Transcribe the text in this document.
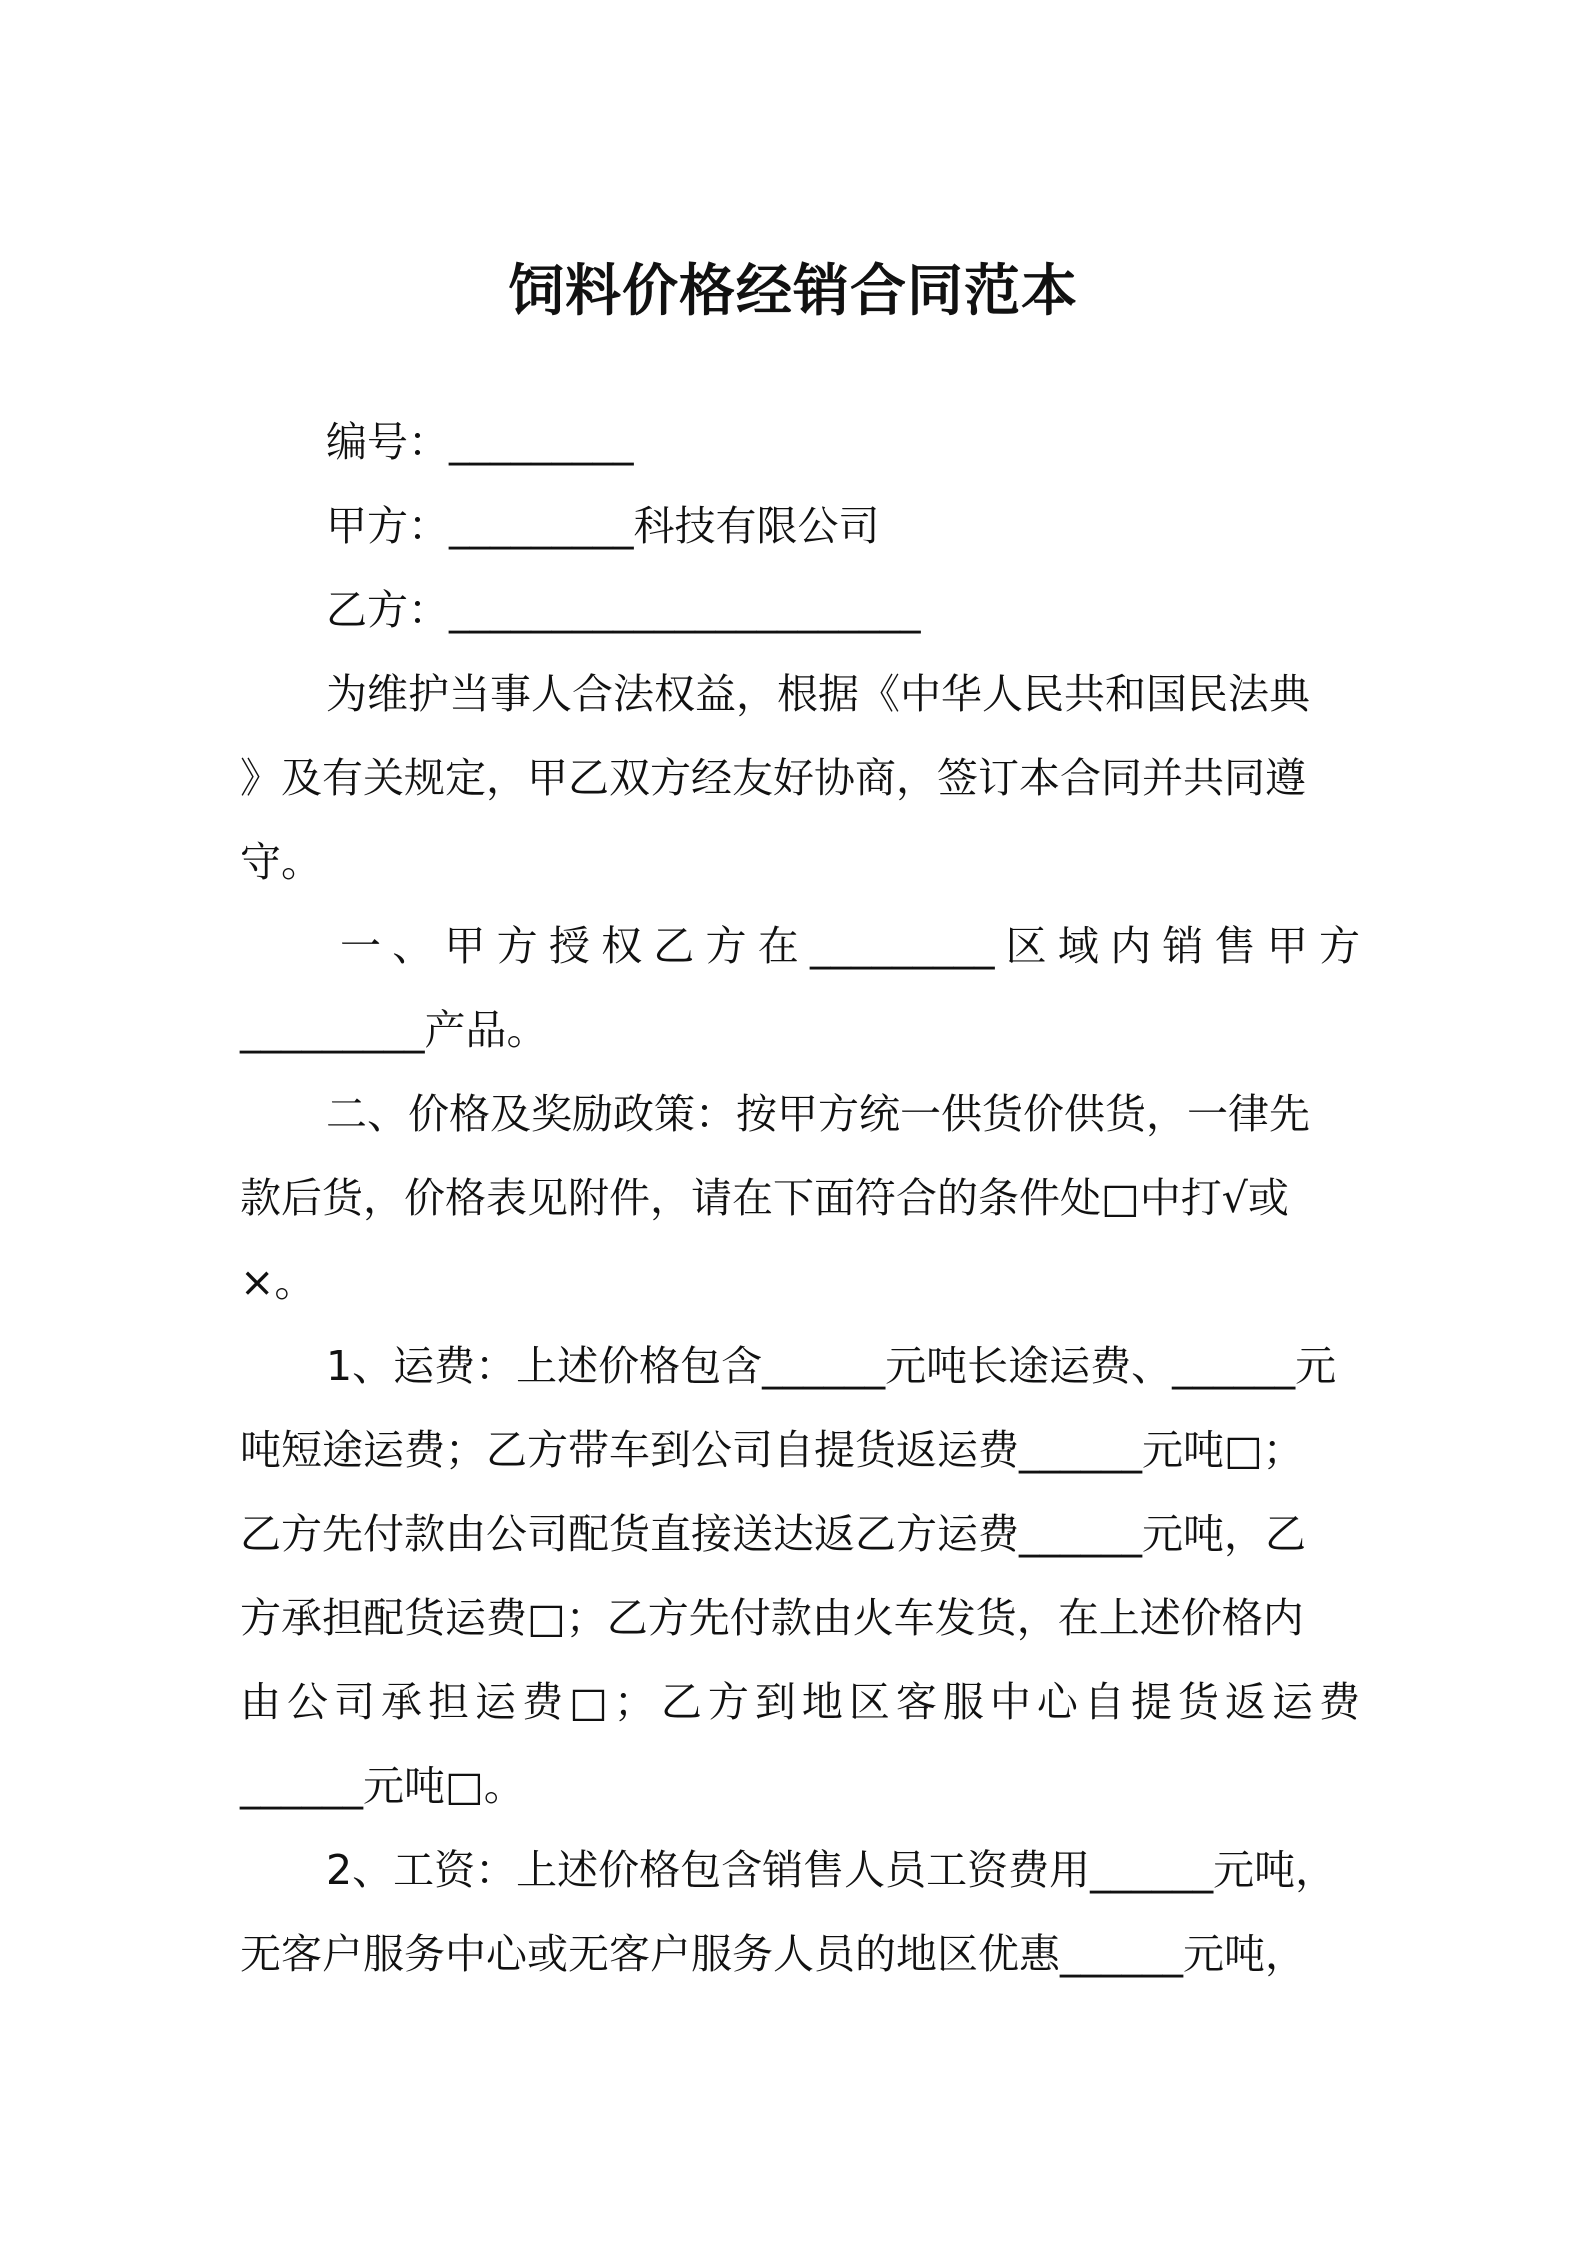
饲料价格经销合同范本

编号：_________

甲方：_________科技有限公司

乙方：_______________________

为维护当事人合法权益，根据《中华人民共和国民法典

》及有关规定，甲乙双方经友好协商，签订本合同并共同遵

守。

一、甲方授权乙方在_________区域内销售甲方

_________产品。

二、价格及奖励政策：按甲方统一供货价供货，一律先

款后货，价格表见附件，请在下面符合的条件处□中打√或

×。

1、运费：上述价格包含______元吨长途运费、______元

吨短途运费；乙方带车到公司自提货返运费______元吨□；

乙方先付款由公司配货直接送达返乙方运费______元吨，乙

方承担配货运费□；乙方先付款由火车发货，在上述价格内

由公司承担运费□；乙方到地区客服中心自提货返运费

______元吨□。

2、工资：上述价格包含销售人员工资费用______元吨，

无客户服务中心或无客户服务人员的地区优惠______元吨，
